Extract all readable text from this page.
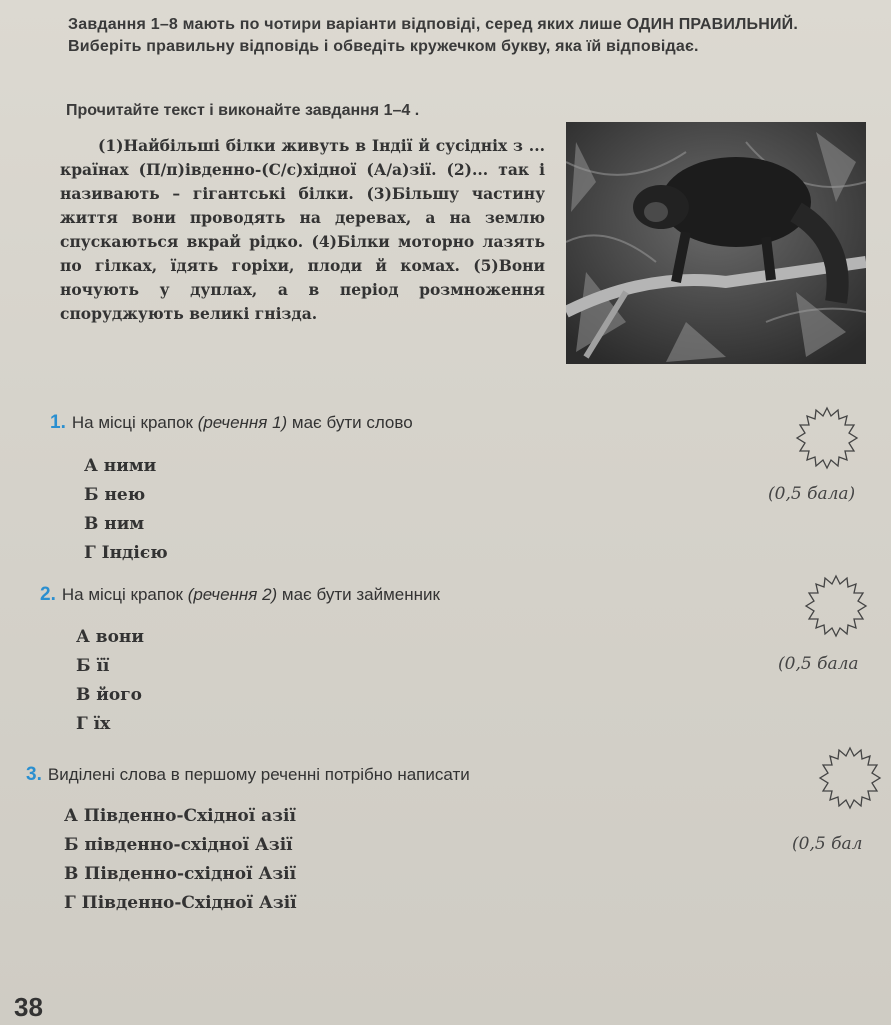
Завдання 1–8 мають по чотири варіанти відповіді, серед яких лише ОДИН ПРАВИЛЬНИЙ. Виберіть правильну відповідь і обведіть кружечком букву, яка їй відповідає.
Прочитайте текст і виконайте завдання 1–4 .
(1)Найбільші білки живуть в Індії й сусідніх з ... країнах (П/п)івденно-(С/с)хідної (А/а)зії. (2)... так і називають – гігантські білки. (3)Більшу частину життя вони проводять на деревах, а на землю спускаються вкрай рідко. (4)Білки моторно лазять по гілках, їдять горіхи, плоди й комах. (5)Вони ночують у дуплах, а в період розмноження споруджують великі гнізда.
1. На місці крапок (речення 1) має бути слово
А ними
Б нею
В ним
Г Індією
(0,5 бала)
2. На місці крапок (речення 2) має бути займенник
А вони
Б її
В його
Г їх
(0,5 бала
3. Виділені слова в першому реченні потрібно написати
А Південно-Східної азії
Б південно-східної Азії
В Південно-східної Азії
Г Південно-Східної Азії
(0,5 бал
38
